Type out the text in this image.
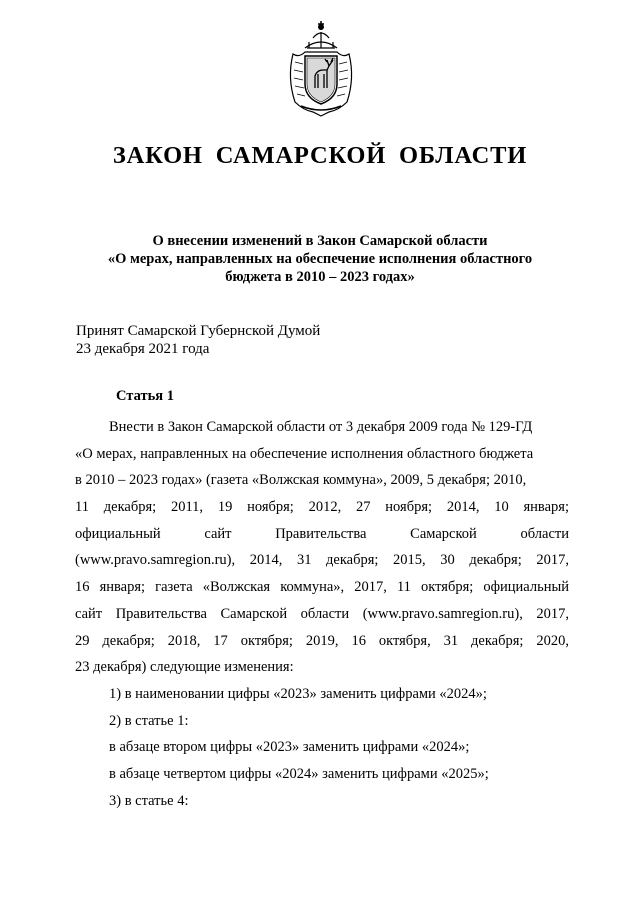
ЗАКОН САМАРСКОЙ ОБЛАСТИ
О внесении изменений в Закон Самарской области
«О мерах, направленных на обеспечение исполнения областного
бюджета в 2010 – 2023 годах»
Принят Самарской Губернской Думой
23 декабря 2021 года
Статья 1
Внести в Закон Самарской области от 3 декабря 2009 года № 129-ГД
«О мерах, направленных на обеспечение исполнения областного бюджета
в 2010 – 2023 годах» (газета «Волжская коммуна», 2009, 5 декабря; 2010,
11 декабря; 2011, 19 ноября; 2012, 27 ноября; 2014, 10 января;
официальный	сайт	Правительства	Самарской	области
(www.pravo.samregion.ru), 2014, 31 декабря; 2015, 30 декабря; 2017,
16 января; газета «Волжская коммуна», 2017, 11 октября; официальный
сайт Правительства Самарской области (www.pravo.samregion.ru), 2017,
29 декабря; 2018, 17 октября; 2019, 16 октября, 31 декабря; 2020,
23 декабря) следующие изменения:
1) в наименовании цифры «2023» заменить цифрами «2024»;
2) в статье 1:
в абзаце втором цифры «2023» заменить цифрами «2024»;
в абзаце четвертом цифры «2024» заменить цифрами «2025»;
3) в статье 4:
